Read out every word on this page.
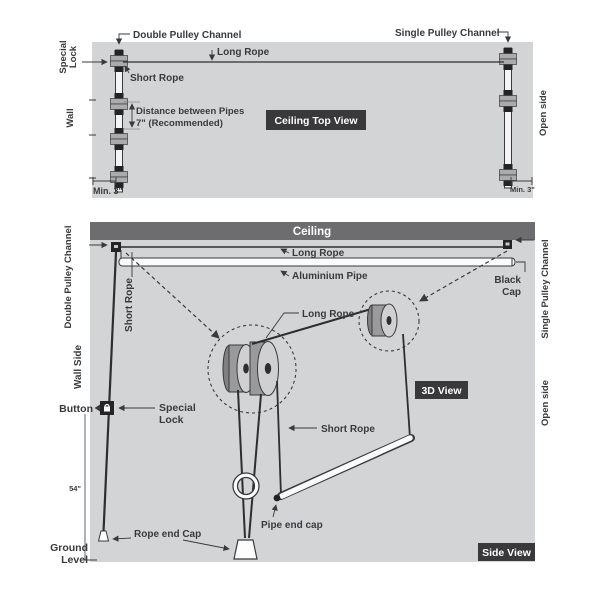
Double Pulley Channel	Single Pulley Channel
Special Lock	Long Rope
Short Rope
Wall	Distance between Pipes
7" (Recommended)	Ceiling Top View	Open side
Min. 3"	Min. 3"
Ceiling
Double Pulley Channel	Single Pulley Channel
Open side
Long Rope
Aluminium Pipe	Black
Cap
Short Rope
Button	Special
Lock
Wall Side
Long Rope
3D View
Short Rope
Pipe end cap
Rope end Cap
54"
Ground
Level
Side View
